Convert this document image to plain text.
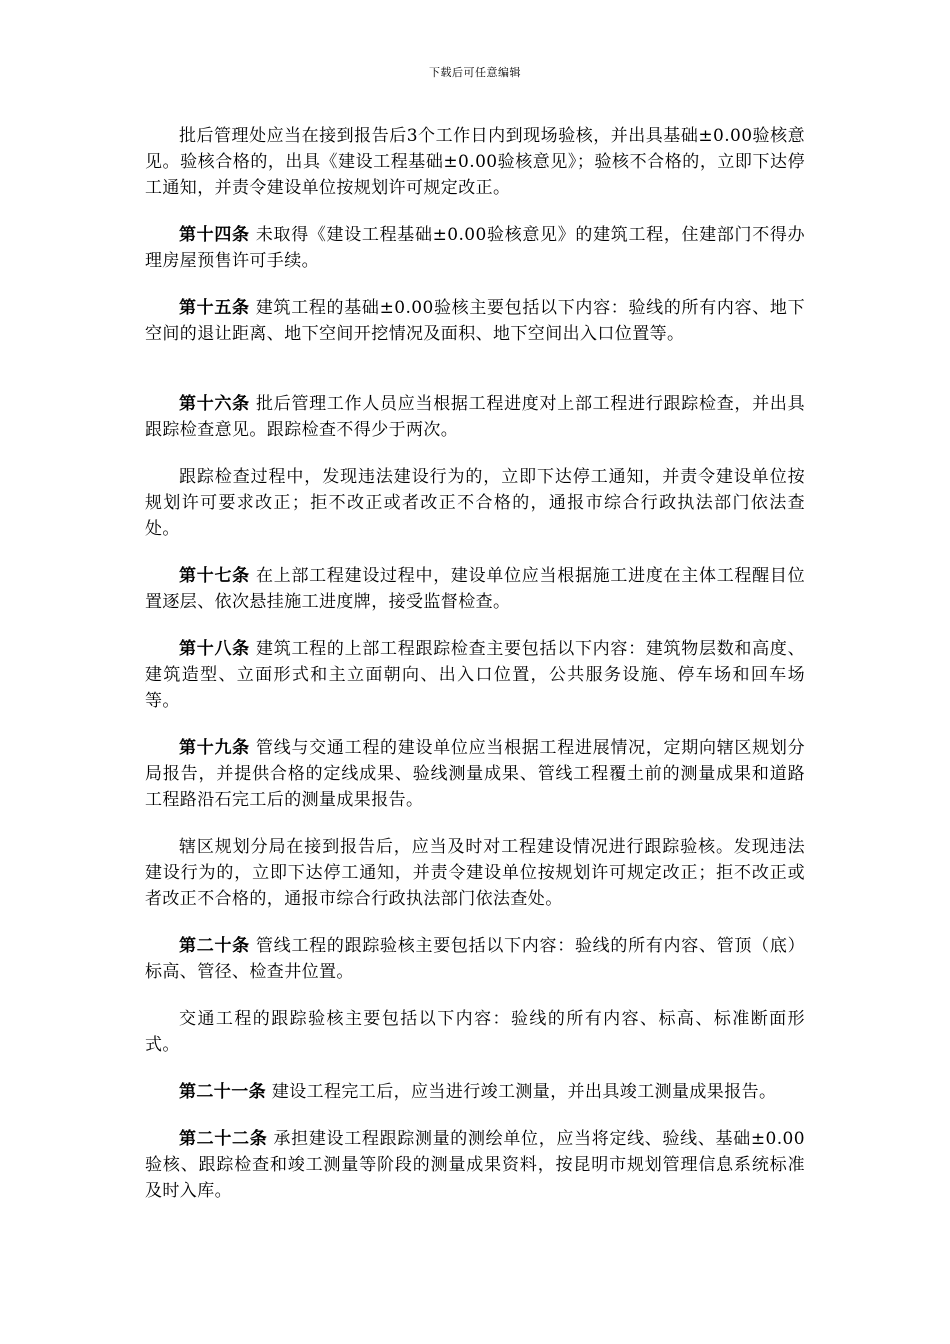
下载后可任意编辑

批后管理处应当在接到报告后3个工作日内到现场验核，并出具基础±0.00验核意见。验核合格的，出具《建设工程基础±0.00验核意见》；验核不合格的，立即下达停工通知，并责令建设单位按规划许可规定改正。

第十四条 未取得《建设工程基础±0.00验核意见》的建筑工程，住建部门不得办理房屋预售许可手续。

第十五条 建筑工程的基础±0.00验核主要包括以下内容：验线的所有内容、地下空间的退让距离、地下空间开挖情况及面积、地下空间出入口位置等。

第十六条 批后管理工作人员应当根据工程进度对上部工程进行跟踪检查，并出具跟踪检查意见。跟踪检查不得少于两次。

跟踪检查过程中，发现违法建设行为的，立即下达停工通知，并责令建设单位按规划许可要求改正；拒不改正或者改正不合格的，通报市综合行政执法部门依法查处。

第十七条 在上部工程建设过程中，建设单位应当根据施工进度在主体工程醒目位置逐层、依次悬挂施工进度牌，接受监督检查。

第十八条 建筑工程的上部工程跟踪检查主要包括以下内容：建筑物层数和高度、建筑造型、立面形式和主立面朝向、出入口位置，公共服务设施、停车场和回车场等。

第十九条 管线与交通工程的建设单位应当根据工程进展情况，定期向辖区规划分局报告，并提供合格的定线成果、验线测量成果、管线工程覆土前的测量成果和道路工程路沿石完工后的测量成果报告。

辖区规划分局在接到报告后，应当及时对工程建设情况进行跟踪验核。发现违法建设行为的，立即下达停工通知，并责令建设单位按规划许可规定改正；拒不改正或者改正不合格的，通报市综合行政执法部门依法查处。

第二十条 管线工程的跟踪验核主要包括以下内容：验线的所有内容、管顶（底）标高、管径、检查井位置。

交通工程的跟踪验核主要包括以下内容：验线的所有内容、标高、标准断面形式。

第二十一条 建设工程完工后，应当进行竣工测量，并出具竣工测量成果报告。

第二十二条 承担建设工程跟踪测量的测绘单位，应当将定线、验线、基础±0.00验核、跟踪检查和竣工测量等阶段的测量成果资料，按昆明市规划管理信息系统标准及时入库。
